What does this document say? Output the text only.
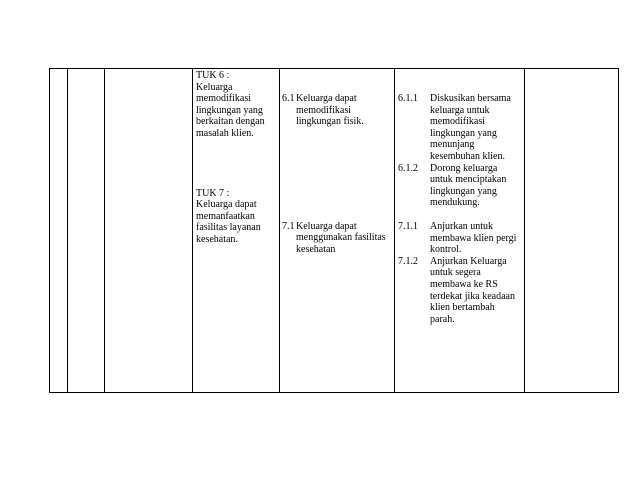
TUK 6 :
Keluarga
memodifikasi
lingkungan yang
berkaitan dengan
masalah klien.
TUK 7 :
Keluarga dapat
memanfaatkan
fasilitas layanan
kesehatan.

6.1 Keluarga dapat
memodifikasi
lingkungan fisik.
7.1 Keluarga dapat
menggunakan fasilitas
kesehatan

6.1.1	Diskusikan bersama
keluarga untuk
memodifikasi
lingkungan yang
menunjang
kesembuhan klien.
6.1.2	Dorong keluarga
untuk menciptakan
lingkungan yang
mendukung.
7.1.1	Anjurkan untuk
membawa klien pergi
kontrol.
7.1.2	Anjurkan Keluarga
untuk segera
membawa ke RS
terdekat jika keadaan
klien bertambah
parah.
